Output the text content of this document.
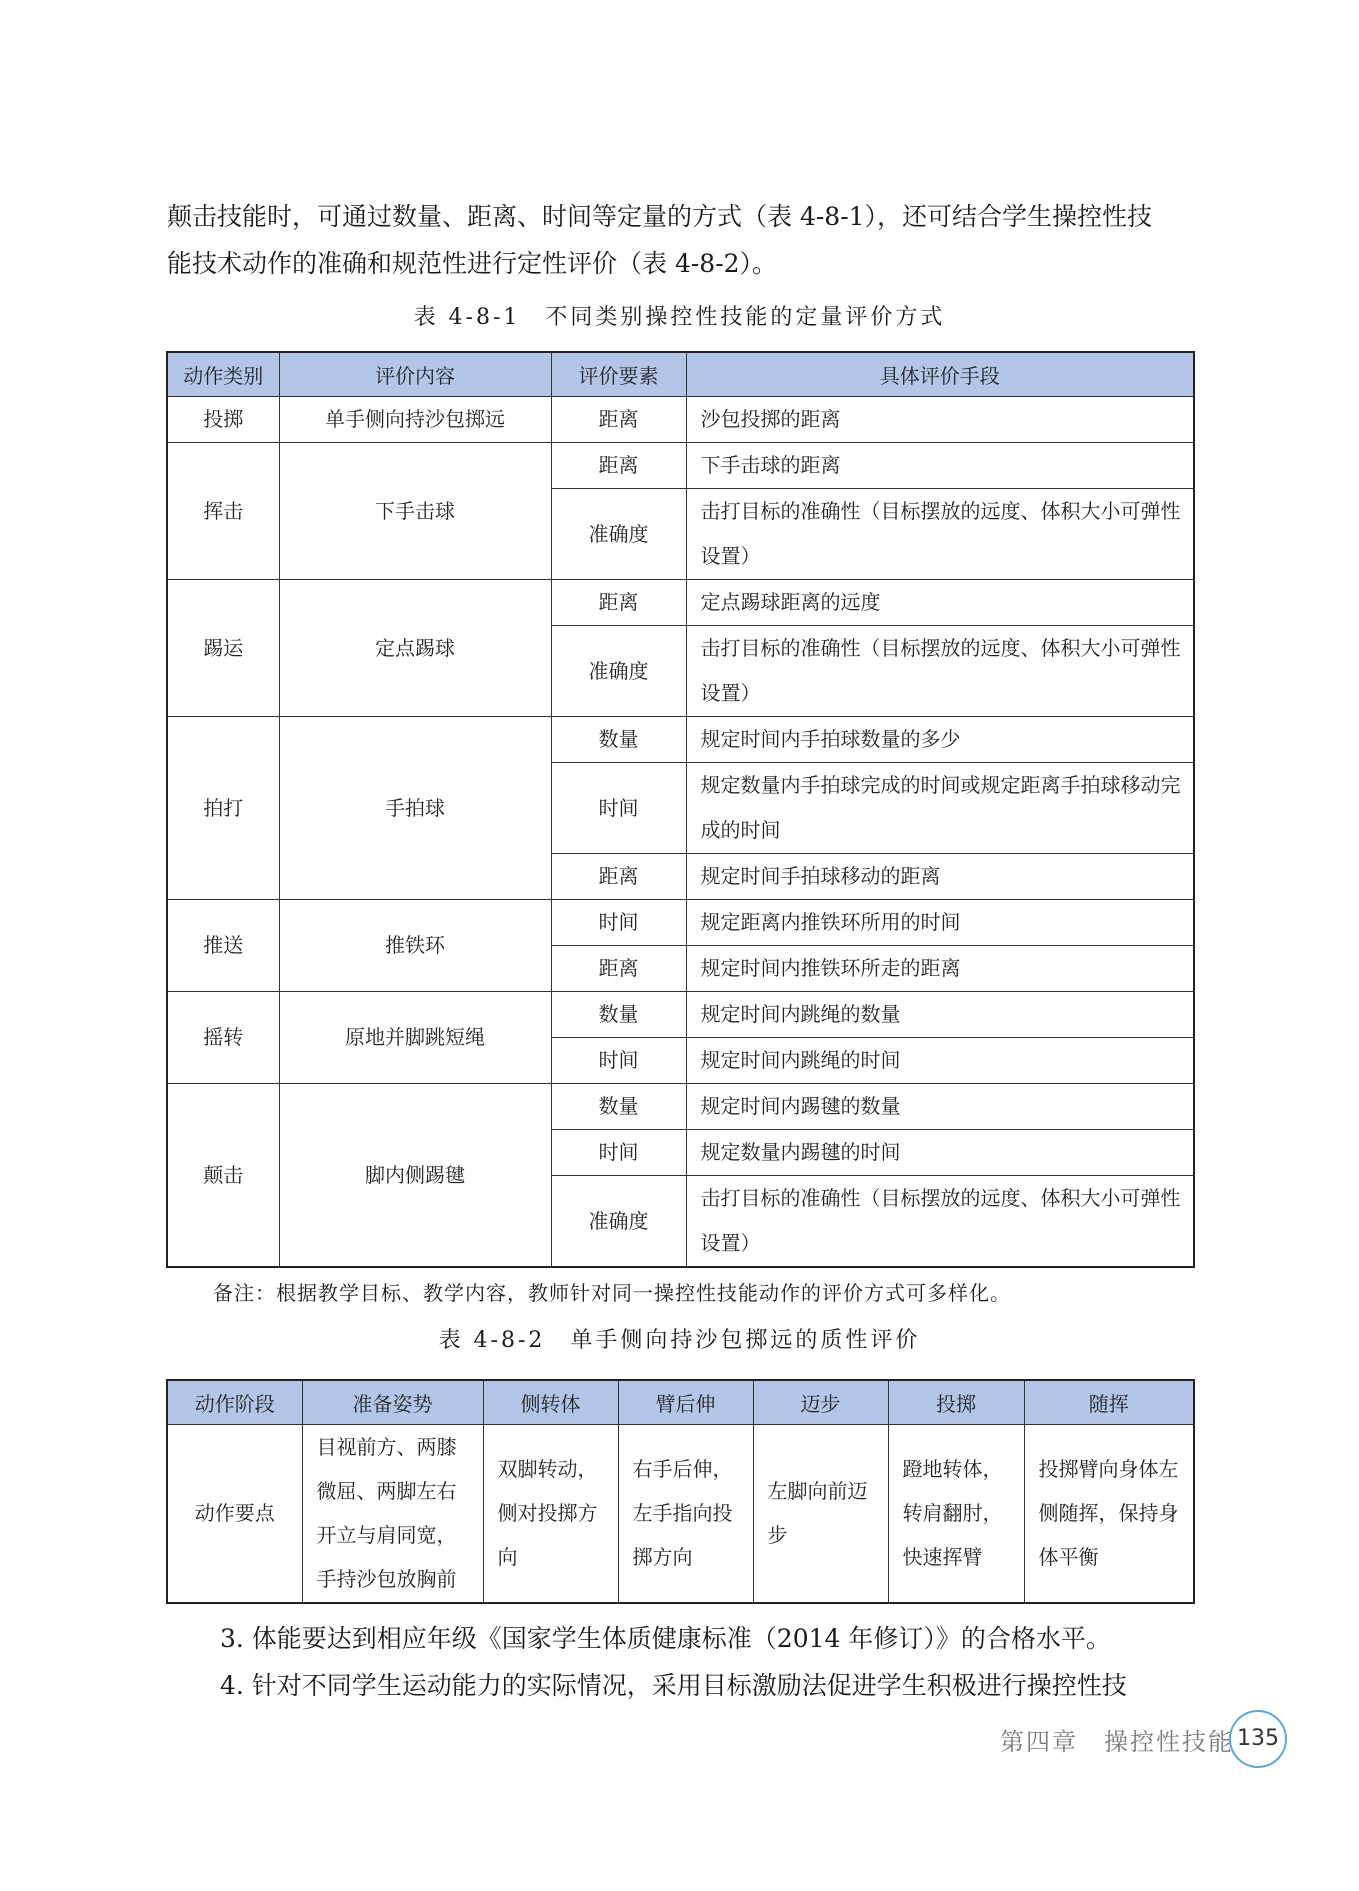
颠击技能时，可通过数量、距离、时间等定量的方式（表 4-8-1），还可结合学生操控性技

能技术动作的准确和规范性进行定性评价（表 4-8-2）。

表 4-8-1　不同类别操控性技能的定量评价方式

动作类别	评价内容	评价要素	具体评价手段
投掷	单手侧向持沙包掷远	距离	沙包投掷的距离
挥击	下手击球	距离	下手击球的距离
		准确度	击打目标的准确性（目标摆放的远度、体积大小可弹性设置）
踢运	定点踢球	距离	定点踢球距离的远度
		准确度	击打目标的准确性（目标摆放的远度、体积大小可弹性设置）
拍打	手拍球	数量	规定时间内手拍球数量的多少
		时间	规定数量内手拍球完成的时间或规定距离手拍球移动完成的时间
		距离	规定时间手拍球移动的距离
推送	推铁环	时间	规定距离内推铁环所用的时间
		距离	规定时间内推铁环所走的距离
摇转	原地并脚跳短绳	数量	规定时间内跳绳的数量
		时间	规定时间内跳绳的时间
颠击	脚内侧踢毽	数量	规定时间内踢毽的数量
		时间	规定数量内踢毽的时间
		准确度	击打目标的准确性（目标摆放的远度、体积大小可弹性设置）
备注：根据教学目标、教学内容，教师针对同一操控性技能动作的评价方式可多样化。

表 4-8-2　单手侧向持沙包掷远的质性评价

动作阶段	准备姿势	侧转体	臂后伸	迈步	投掷	随挥
动作要点	目视前方、两膝微屈、两脚左右开立与肩同宽，手持沙包放胸前	双脚转动，侧对投掷方向	右手后伸，左手指向投掷方向	左脚向前迈步	蹬地转体，转肩翻肘，快速挥臂	投掷臂向身体左侧随挥，保持身体平衡

3. 体能要达到相应年级《国家学生体质健康标准（2014 年修订）》的合格水平。

4. 针对不同学生运动能力的实际情况，采用目标激励法促进学生积极进行操控性技

第四章　操控性技能 135
